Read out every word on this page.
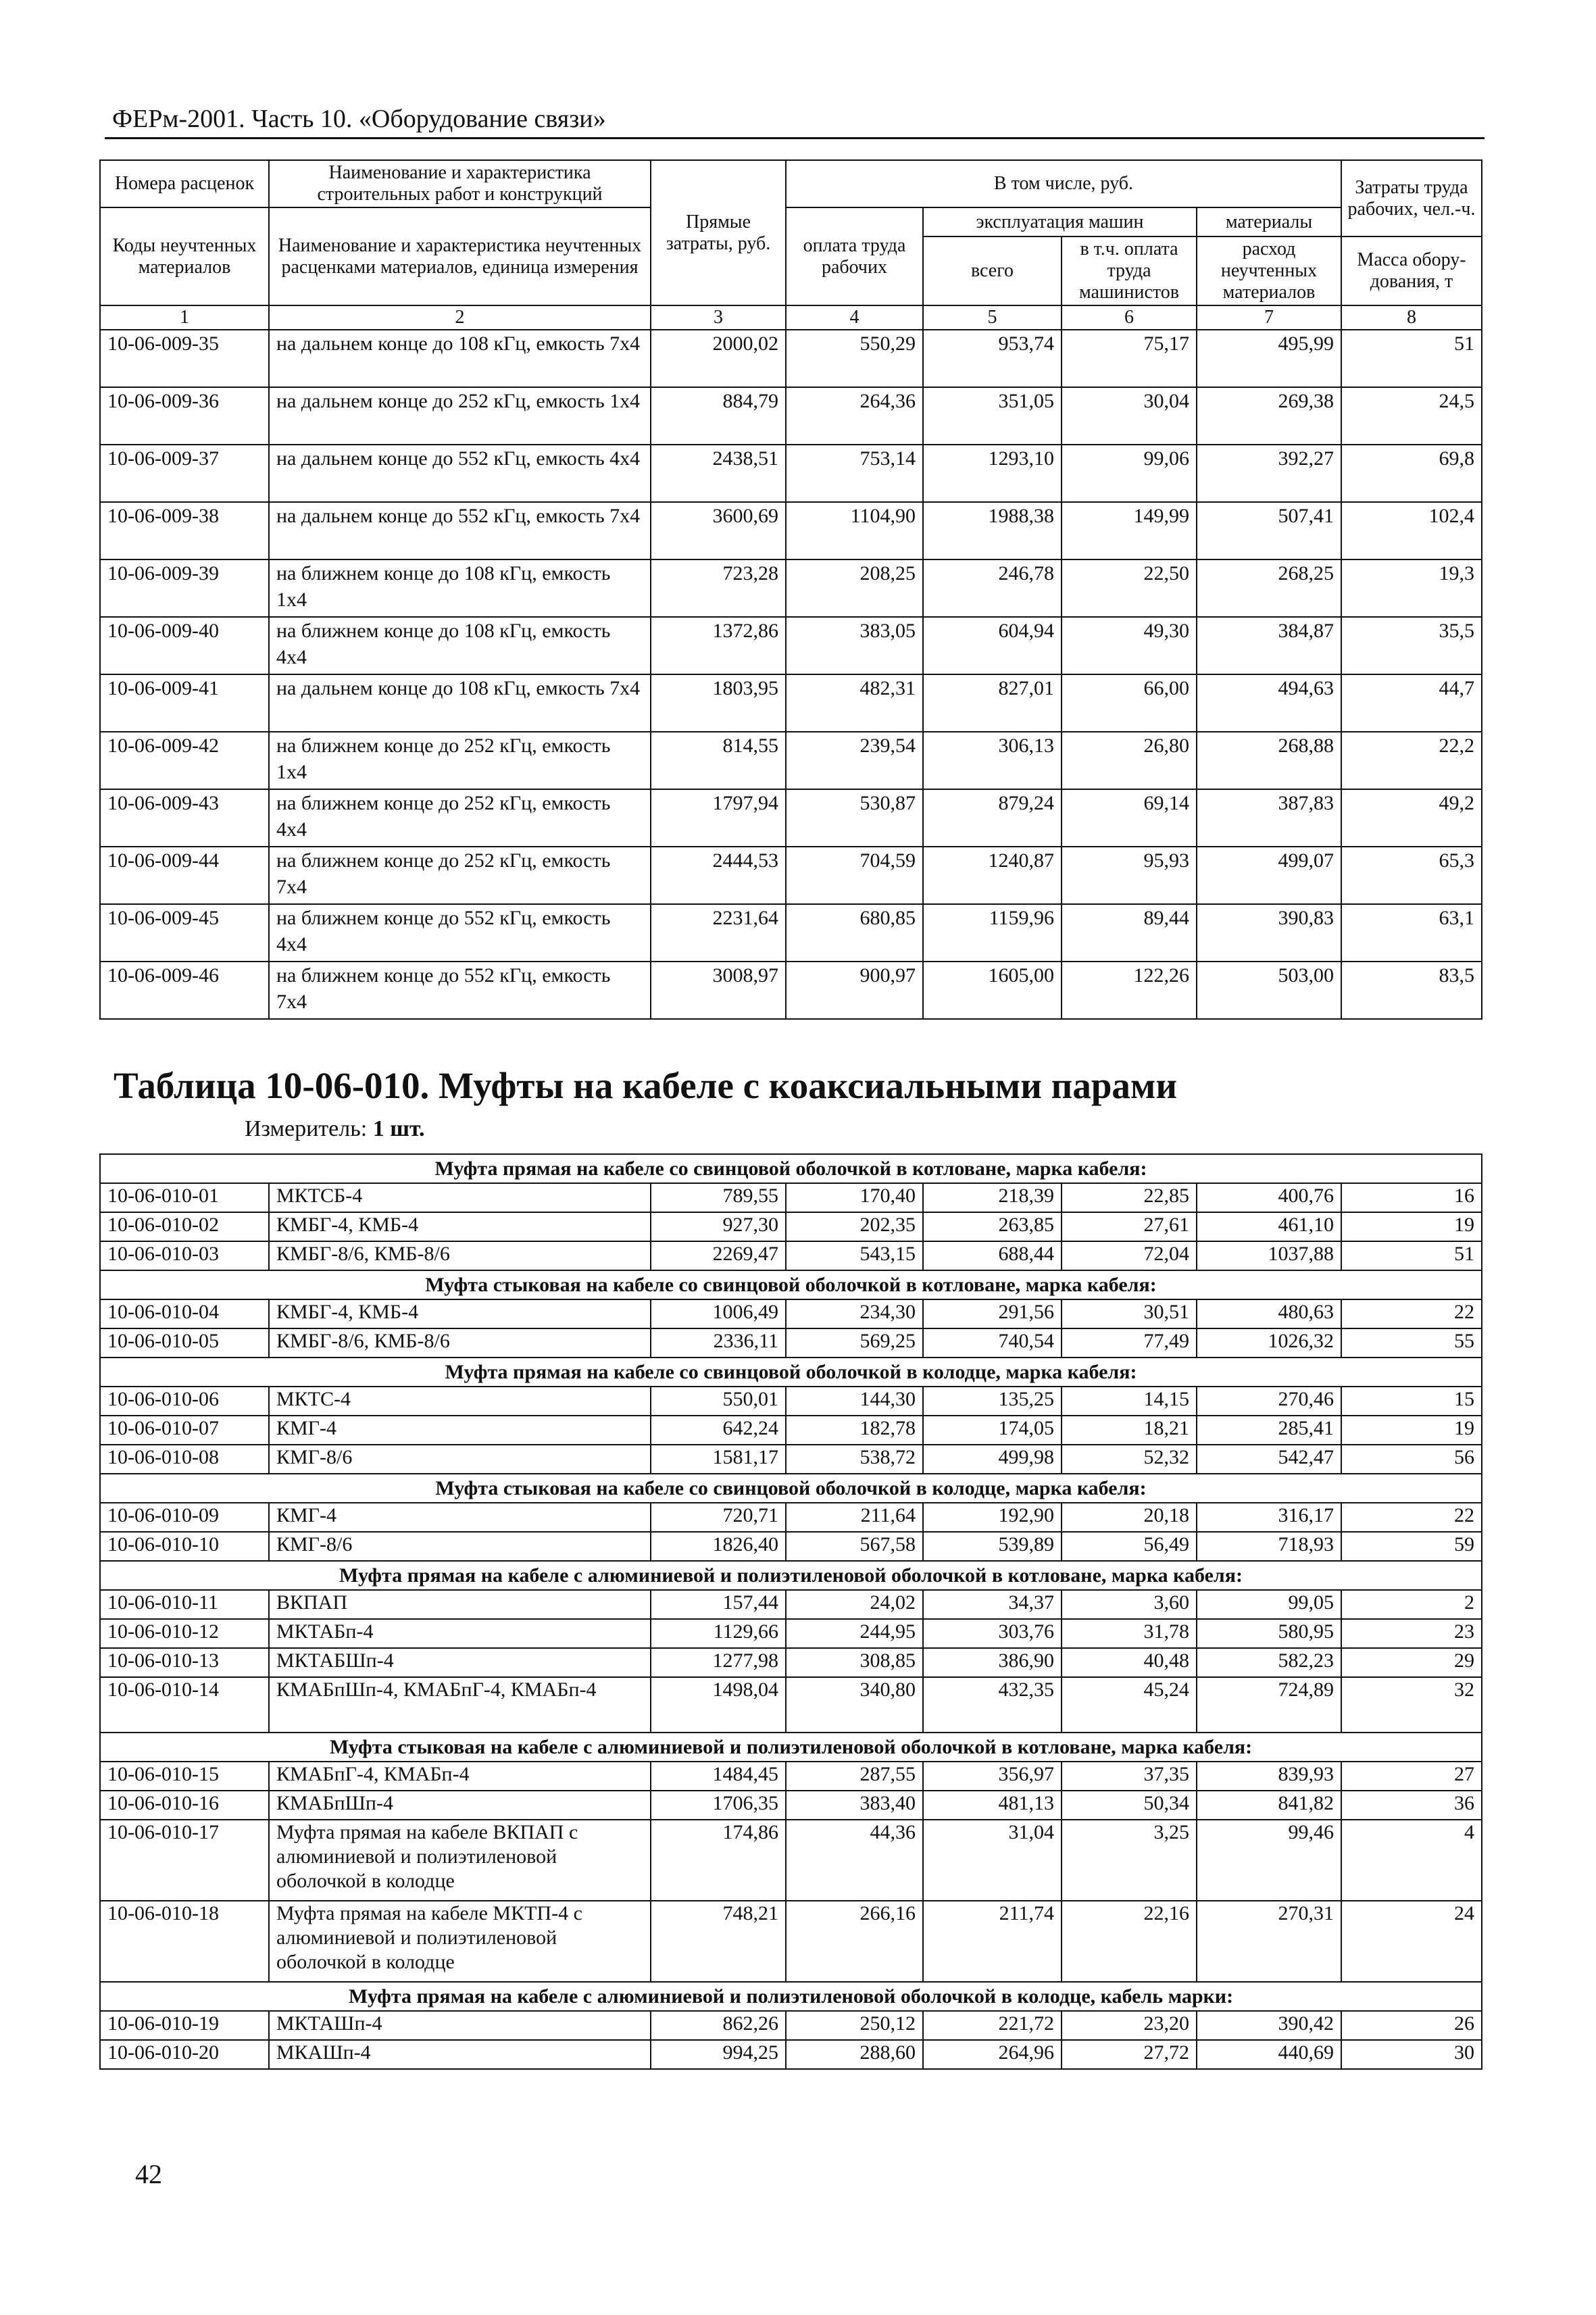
ФЕРм-2001. Часть 10. «Оборудование связи»
Номера расценок	Наименование и характеристика строительных работ и конструкций	Прямые затраты, руб.	В том числе, руб.				Затраты труда рабочих, чел.-ч.
Коды неучтенных материалов	Наименование и характеристика неучтенных расценками материалов, единица измерения		оплата труда рабочих	эксплуатация машин		материалы	
				всего	в т.ч. оплата труда машинистов	расход неучтенных материалов	Масса обору-дования, т
1	2	3	4	5	6	7	8
10-06-009-35	на дальнем конце до 108 кГц, емкость 7х4	2000,02	550,29	953,74	75,17	495,99	51
10-06-009-36	на дальнем конце до 252 кГц, емкость 1х4	884,79	264,36	351,05	30,04	269,38	24,5
10-06-009-37	на дальнем конце до 552 кГц, емкость 4х4	2438,51	753,14	1293,10	99,06	392,27	69,8
10-06-009-38	на дальнем конце до 552 кГц, емкость 7х4	3600,69	1104,90	1988,38	149,99	507,41	102,4
10-06-009-39	на ближнем конце до 108 кГц, емкость 1х4	723,28	208,25	246,78	22,50	268,25	19,3
10-06-009-40	на ближнем конце до 108 кГц, емкость 4х4	1372,86	383,05	604,94	49,30	384,87	35,5
10-06-009-41	на дальнем конце до 108 кГц, емкость 7х4	1803,95	482,31	827,01	66,00	494,63	44,7
10-06-009-42	на ближнем конце до 252 кГц, емкость 1х4	814,55	239,54	306,13	26,80	268,88	22,2
10-06-009-43	на ближнем конце до 252 кГц, емкость 4х4	1797,94	530,87	879,24	69,14	387,83	49,2
10-06-009-44	на ближнем конце до 252 кГц, емкость 7х4	2444,53	704,59	1240,87	95,93	499,07	65,3
10-06-009-45	на ближнем конце до 552 кГц, емкость 4х4	2231,64	680,85	1159,96	89,44	390,83	63,1
10-06-009-46	на ближнем конце до 552 кГц, емкость 7х4	3008,97	900,97	1605,00	122,26	503,00	83,5
Таблица 10-06-010. Муфты на кабеле с коаксиальными парами
Измеритель: 1 шт.
Муфта прямая на кабеле со свинцовой оболочкой в котловане, марка кабеля:							
10-06-010-01	МКТСБ-4	789,55	170,40	218,39	22,85	400,76	16
10-06-010-02	КМБГ-4, КМБ-4	927,30	202,35	263,85	27,61	461,10	19
10-06-010-03	КМБГ-8/6, КМБ-8/6	2269,47	543,15	688,44	72,04	1037,88	51
Муфта стыковая на кабеле со свинцовой оболочкой в котловане, марка кабеля:							
10-06-010-04	КМБГ-4, КМБ-4	1006,49	234,30	291,56	30,51	480,63	22
10-06-010-05	КМБГ-8/6, КМБ-8/6	2336,11	569,25	740,54	77,49	1026,32	55
Муфта прямая на кабеле со свинцовой оболочкой в колодце, марка кабеля:							
10-06-010-06	МКТС-4	550,01	144,30	135,25	14,15	270,46	15
10-06-010-07	КМГ-4	642,24	182,78	174,05	18,21	285,41	19
10-06-010-08	КМГ-8/6	1581,17	538,72	499,98	52,32	542,47	56
Муфта стыковая на кабеле со свинцовой оболочкой в колодце, марка кабеля:							
10-06-010-09	КМГ-4	720,71	211,64	192,90	20,18	316,17	22
10-06-010-10	КМГ-8/6	1826,40	567,58	539,89	56,49	718,93	59
Муфта прямая на кабеле с алюминиевой и полиэтиленовой оболочкой в котловане, марка кабеля:							
10-06-010-11	ВКПАП	157,44	24,02	34,37	3,60	99,05	2
10-06-010-12	МКТАБп-4	1129,66	244,95	303,76	31,78	580,95	23
10-06-010-13	МКТАБШп-4	1277,98	308,85	386,90	40,48	582,23	29
10-06-010-14	КМАБпШп-4, КМАБпГ-4, КМАБп-4	1498,04	340,80	432,35	45,24	724,89	32
Муфта стыковая на кабеле с алюминиевой и полиэтиленовой оболочкой в котловане, марка кабеля:							
10-06-010-15	КМАБпГ-4, КМАБп-4	1484,45	287,55	356,97	37,35	839,93	27
10-06-010-16	КМАБпШп-4	1706,35	383,40	481,13	50,34	841,82	36
10-06-010-17	Муфта прямая на кабеле ВКПАП с алюминиевой и полиэтиленовой оболочкой в колодце	174,86	44,36	31,04	3,25	99,46	4
10-06-010-18	Муфта прямая на кабеле МКТП-4 с алюминиевой и полиэтиленовой оболочкой в колодце	748,21	266,16	211,74	22,16	270,31	24
Муфта прямая на кабеле с алюминиевой и полиэтиленовой оболочкой в колодце, кабель марки:							
10-06-010-19	МКТАШп-4	862,26	250,12	221,72	23,20	390,42	26
10-06-010-20	МКАШп-4	994,25	288,60	264,96	27,72	440,69	30
42
